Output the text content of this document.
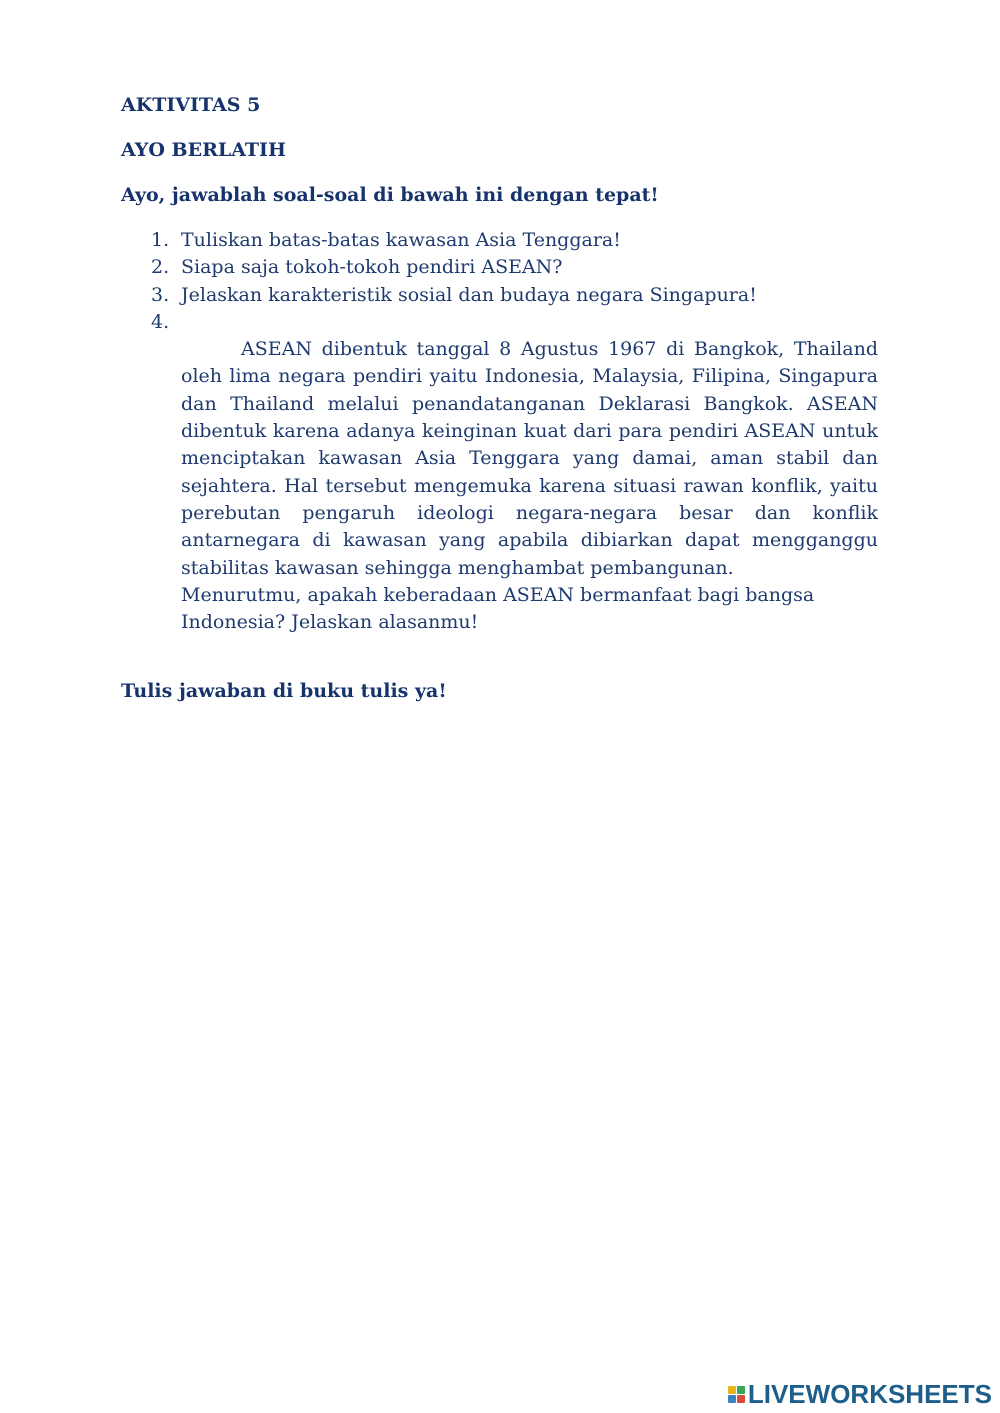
AKTIVITAS 5
AYO BERLATIH

Ayo, jawablah soal-soal di bawah ini dengan tepat!

1. Tuliskan batas-batas kawasan Asia Tenggara!
2. Siapa saja tokoh-tokoh pendiri ASEAN?
3. Jelaskan karakteristik sosial dan budaya negara Singapura!
4.

ASEAN dibentuk tanggal 8 Agustus 1967 di Bangkok, Thailand oleh lima negara pendiri yaitu Indonesia, Malaysia, Filipina, Singapura dan Thailand melalui penandatanganan Deklarasi Bangkok. ASEAN dibentuk karena adanya keinginan kuat dari para pendiri ASEAN untuk menciptakan kawasan Asia Tenggara yang damai, aman stabil dan sejahtera. Hal tersebut mengemuka karena situasi rawan konflik, yaitu perebutan pengaruh ideologi negara-negara besar dan konflik antarnegara di kawasan yang apabila dibiarkan dapat mengganggu stabilitas kawasan sehingga menghambat pembangunan.

Menurutmu, apakah keberadaan ASEAN bermanfaat bagi bangsa Indonesia? Jelaskan alasanmu!

Tulis jawaban di buku tulis ya!

LIVEWORKSHEETS
